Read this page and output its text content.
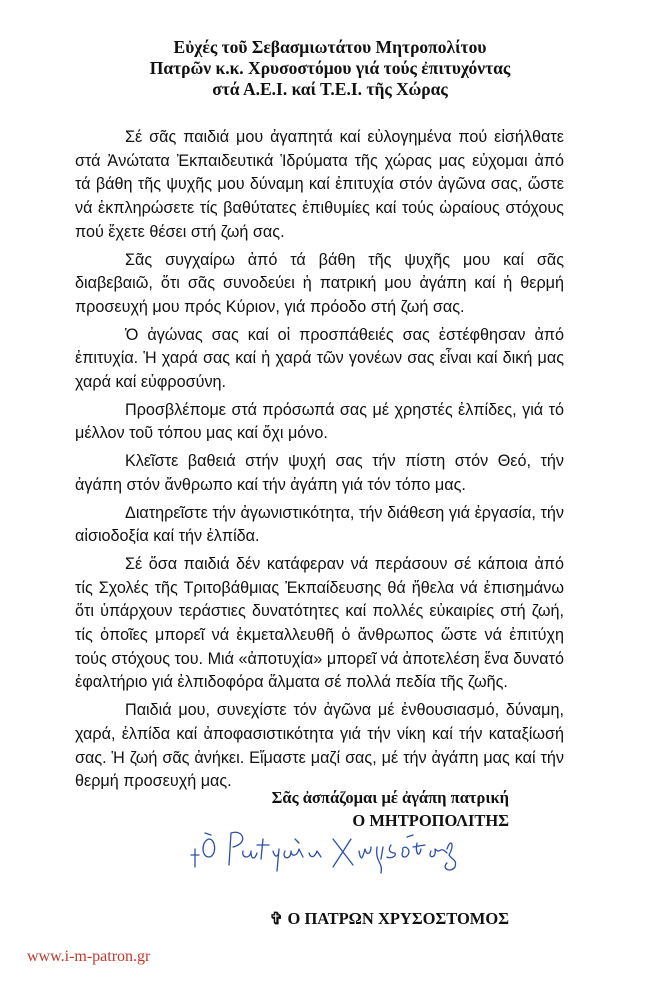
Εὐχές τοῦ Σεβασμιωτάτου Μητροπολίτου
Πατρῶν κ.κ. Χρυσοστόμου γιά τούς ἐπιτυχόντας
στά Α.Ε.Ι. καί Τ.Ε.Ι. τῆς Χώρας

Σέ σᾶς παιδιά μου ἀγαπητά καί εὐλογημένα πού εἰσήλθατε στά Ἀνώτατα Ἐκπαιδευτικά Ἱδρύματα τῆς χώρας μας εὐχομαι ἀπό τά βάθη τῆς ψυχῆς μου δύναμη καί ἐπιτυχία στόν ἀγῶνα σας, ὥστε νά ἐκπληρώσετε τίς βαθύτατες ἐπιθυμίες καί τούς ὡραίους στόχους πού ἔχετε θέσει στή ζωή σας.

Σᾶς συγχαίρω ἀπό τά βάθη τῆς ψυχῆς μου καί σᾶς διαβεβαιῶ, ὅτι σᾶς συνοδεύει ἡ πατρική μου ἀγάπη καί ἡ θερμή προσευχή μου πρός Κύριον, γιά πρόοδο στή ζωή σας.

Ὁ ἀγώνας σας καί οἱ προσπάθειές σας ἐστέφθησαν ἀπό ἐπιτυχία. Ἡ χαρά σας καί ἡ χαρά τῶν γονέων σας εἶναι καί δική μας χαρά καί εὐφροσύνη.

Προσβλέπομε στά πρόσωπά σας μέ χρηστές ἐλπίδες, γιά τό μέλλον τοῦ τόπου μας καί ὄχι μόνο.

Κλεῖστε βαθειά στήν ψυχή σας τήν πίστη στόν Θεό, τήν ἀγάπη στόν ἄνθρωπο καί τήν ἀγάπη γιά τόν τόπο μας.

Διατηρεῖστε τήν ἀγωνιστικότητα, τήν διάθεση γιά ἐργασία, τήν αἰσιοδοξία καί τήν ἐλπίδα.

Σέ ὅσα παιδιά δέν κατάφεραν νά περάσουν σέ κάποια ἀπό τίς Σχολές τῆς Τριτοβάθμιας Ἐκπαίδευσης θά ἤθελα νά ἐπισημάνω ὅτι ὑπάρχουν τεράστιες δυνατότητες καί πολλές εὐκαιρίες στή ζωή, τίς ὁποῖες μπορεῖ νά ἐκμεταλλευθῆ ὁ ἄνθρωπος ὥστε νά ἐπιτύχη τούς στόχους του. Μιά «ἀποτυχία» μπορεῖ νά ἀποτελέση ἕνα δυνατό ἐφαλτήριο γιά ἐλπιδοφόρα ἅλματα σέ πολλά πεδία τῆς ζωῆς.

Παιδιά μου, συνεχίστε τόν ἀγῶνα μέ ἐνθουσιασμό, δύναμη, χαρά, ἐλπίδα καί ἀποφασιστικότητα γιά τήν νίκη καί τήν καταξίωσή σας. Ἡ ζωή σᾶς ἀνήκει. Εἴμαστε μαζί σας, μέ τήν ἀγάπη μας καί τήν θερμή προσευχή μας.

Σᾶς ἀσπάζομαι μέ ἀγάπη πατρική
Ο ΜΗΤΡΟΠΟΛΙΤΗΣ
✞ Ο ΠΑΤΡΩΝ ΧΡΥΣΟΣΤΟΜΟΣ
www.i-m-patron.gr
